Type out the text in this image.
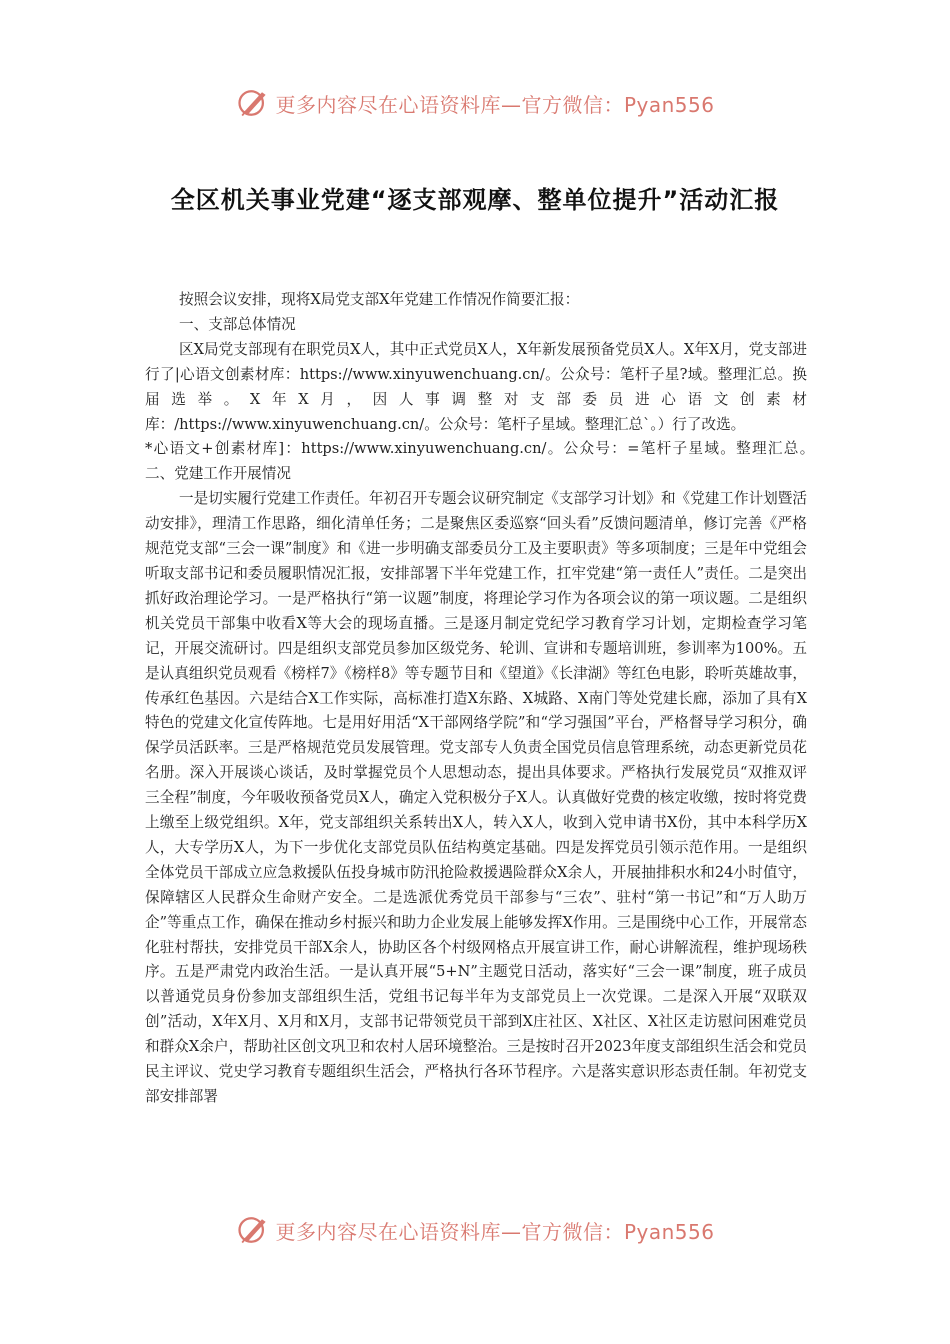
更多内容尽在心语资料库—官方微信：Pyan556
全区机关事业党建“逐支部观摩、整单位提升”活动汇报

按照会议安排，现将X局党支部X年党建工作情况作简要汇报：

一、支部总体情况

区X局党支部现有在职党员X人，其中正式党员X人，X年新发展预备党员X人。X年X月，党支部进行了|心语文创素材库：https://www.xinyuwenchuang.cn/。公众号：笔杆子星?域。整理汇总。换届选举。X年X月，因人事调整对支部委员进心语文创素材库：/https://www.xinyuwenchuang.cn/。公众号：笔杆子星域。整理汇总`。）行了改选。

*心语文+创素材库]：https://www.xinyuwenchuang.cn/。公众号：=笔杆子星域。整理汇总。　二、党建工作开展情况

一是切实履行党建工作责任。年初召开专题会议研究制定《支部学习计划》和《党建工作计划暨活动安排》，理清工作思路，细化清单任务；二是聚焦区委巡察“回头看”反馈问题清单，修订完善《严格规范党支部“三会一课”制度》和《进一步明确支部委员分工及主要职责》等多项制度；三是年中党组会听取支部书记和委员履职情况汇报，安排部署下半年党建工作，扛牢党建“第一责任人”责任。二是突出抓好政治理论学习。一是严格执行“第一议题”制度，将理论学习作为各项会议的第一项议题。二是组织机关党员干部集中收看X等大会的现场直播。三是逐月制定党纪学习教育学习计划，定期检查学习笔记，开展交流研讨。四是组织支部党员参加区级党务、轮训、宣讲和专题培训班，参训率为100%。五是认真组织党员观看《榜样7》《榜样8》等专题节目和《望道》《长津湖》等红色电影，聆听英雄故事，传承红色基因。六是结合X工作实际，高标准打造X东路、X城路、X南门等处党建长廊，添加了具有X特色的党建文化宣传阵地。七是用好用活“X干部网络学院”和“学习强国”平台，严格督导学习积分，确保学员活跃率。三是严格规范党员发展管理。党支部专人负责全国党员信息管理系统，动态更新党员花名册。深入开展谈心谈话，及时掌握党员个人思想动态，提出具体要求。严格执行发展党员“双推双评三全程”制度，今年吸收预备党员X人，确定入党积极分子X人。认真做好党费的核定收缴，按时将党费上缴至上级党组织。X年，党支部组织关系转出X人，转入X人，收到入党申请书X份，其中本科学历X人，大专学历X人，为下一步优化支部党员队伍结构奠定基础。四是发挥党员引领示范作用。一是组织全体党员干部成立应急救援队伍投身城市防汛抢险救援遇险群众X余人，开展抽排积水和24小时值守，保障辖区人民群众生命财产安全。二是选派优秀党员干部参与“三农”、驻村“第一书记”和“万人助万企”等重点工作，确保在推动乡村振兴和助力企业发展上能够发挥X作用。三是围绕中心工作，开展常态化驻村帮扶，安排党员干部X余人，协助区各个村级网格点开展宣讲工作，耐心讲解流程，维护现场秩序。五是严肃党内政治生活。一是认真开展“5+N”主题党日活动，落实好“三会一课”制度，班子成员以普通党员身份参加支部组织生活，党组书记每半年为支部党员上一次党课。二是深入开展“双联双创”活动，X年X月、X月和X月，支部书记带领党员干部到X庄社区、X社区、X社区走访慰问困难党员和群众X余户，帮助社区创文巩卫和农村人居环境整治。三是按时召开2023年度支部组织生活会和党员民主评议、党史学习教育专题组织生活会，严格执行各环节程序。六是落实意识形态责任制。年初党支部安排部署

更多内容尽在心语资料库—官方微信：Pyan556
